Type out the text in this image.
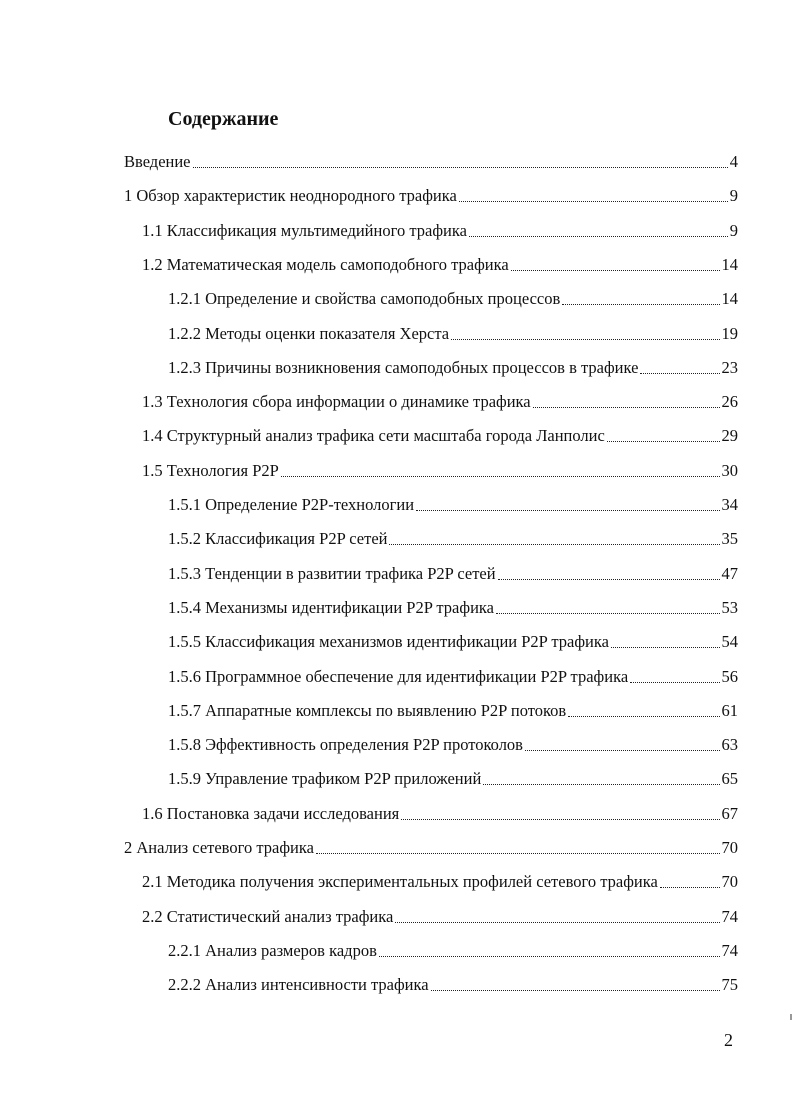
Содержание
Введение	4
1 Обзор характеристик неоднородного трафика	9
1.1 Классификация мультимедийного трафика	9
1.2 Математическая модель самоподобного трафика	14
1.2.1 Определение и свойства самоподобных процессов	14
1.2.2 Методы оценки показателя Херста	19
1.2.3 Причины возникновения самоподобных процессов в трафике	23
1.3 Технология сбора информации о динамике трафика	26
1.4 Структурный анализ трафика сети масштаба города Ланполис	29
1.5 Технология P2P	30
1.5.1 Определение P2P-технологии	34
1.5.2 Классификация P2P сетей	35
1.5.3 Тенденции в развитии трафика P2P сетей	47
1.5.4 Механизмы идентификации P2P трафика	53
1.5.5 Классификация механизмов идентификации P2P трафика	54
1.5.6 Программное обеспечение для идентификации P2P трафика	56
1.5.7 Аппаратные комплексы по выявлению P2P потоков	61
1.5.8 Эффективность определения P2P протоколов	63
1.5.9 Управление трафиком P2P приложений	65
1.6 Постановка задачи исследования	67
2 Анализ сетевого трафика	70
2.1 Методика получения экспериментальных профилей сетевого трафика	70
2.2 Статистический анализ трафика	74
2.2.1 Анализ размеров кадров	74
2.2.2 Анализ интенсивности трафика	75
2
